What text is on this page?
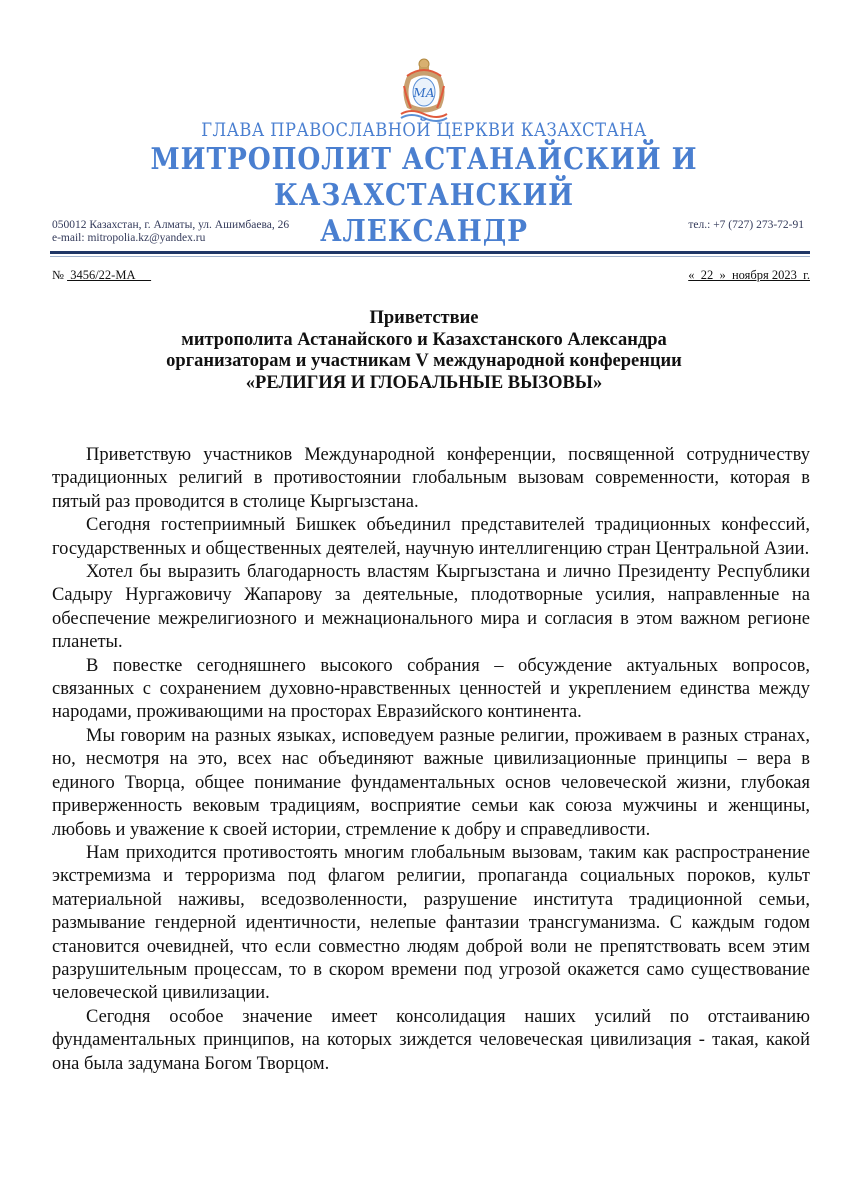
МА
ГЛАВА ПРАВОСЛАВНОЙ ЦЕРКВИ КАЗАХСТАНА
МИТРОПОЛИТ АСТАНАЙСКИЙ И КАЗАХСТАНСКИЙ
АЛЕКСАНДР
050012 Казахстан, г. Алматы, ул. Ашимбаева, 26
e-mail: mitropolia.kz@yandex.ru
тел.: +7 (727) 273-72-91
№  3456/22-МА	«  22  »  ноября 2023  г.
Приветствие
митрополита Астанайского и Казахстанского Александра
организаторам и участникам V международной конференции
«РЕЛИГИЯ И ГЛОБАЛЬНЫЕ ВЫЗОВЫ»

Приветствую участников Международной конференции, посвященной сотрудничеству традиционных религий в противостоянии глобальным вызовам современности, которая в пятый раз проводится в столице Кыргызстана.

Сегодня гостеприимный Бишкек объединил представителей традиционных конфессий, государственных и общественных деятелей, научную интеллигенцию стран Центральной Азии.

Хотел бы выразить благодарность властям Кыргызстана и лично Президенту Республики Садыру Нургажовичу Жапарову за деятельные, плодотворные усилия, направленные на обеспечение межрелигиозного и межнационального мира и согласия в этом важном регионе планеты.

В повестке сегодняшнего высокого собрания – обсуждение актуальных вопросов, связанных с сохранением духовно-нравственных ценностей и укреплением единства между народами, проживающими на просторах Евразийского континента.

Мы говорим на разных языках, исповедуем разные религии, проживаем в разных странах, но, несмотря на это, всех нас объединяют важные цивилизационные принципы – вера в единого Творца, общее понимание фундаментальных основ человеческой жизни, глубокая приверженность вековым традициям, восприятие семьи как союза мужчины и женщины, любовь и уважение к своей истории, стремление к добру и справедливости.

Нам приходится противостоять многим глобальным вызовам, таким как распространение экстремизма и терроризма под флагом религии, пропаганда социальных пороков, культ материальной наживы, вседозволенности, разрушение института традиционной семьи, размывание гендерной идентичности, нелепые фантазии трансгуманизма. С каждым годом становится очевидней, что если совместно людям доброй воли не препятствовать всем этим разрушительным процессам, то в скором времени под угрозой окажется само существование человеческой цивилизации.

Сегодня особое значение имеет консолидация наших усилий по отстаиванию фундаментальных принципов, на которых зиждется человеческая цивилизация - такая, какой она была задумана Богом Творцом.
